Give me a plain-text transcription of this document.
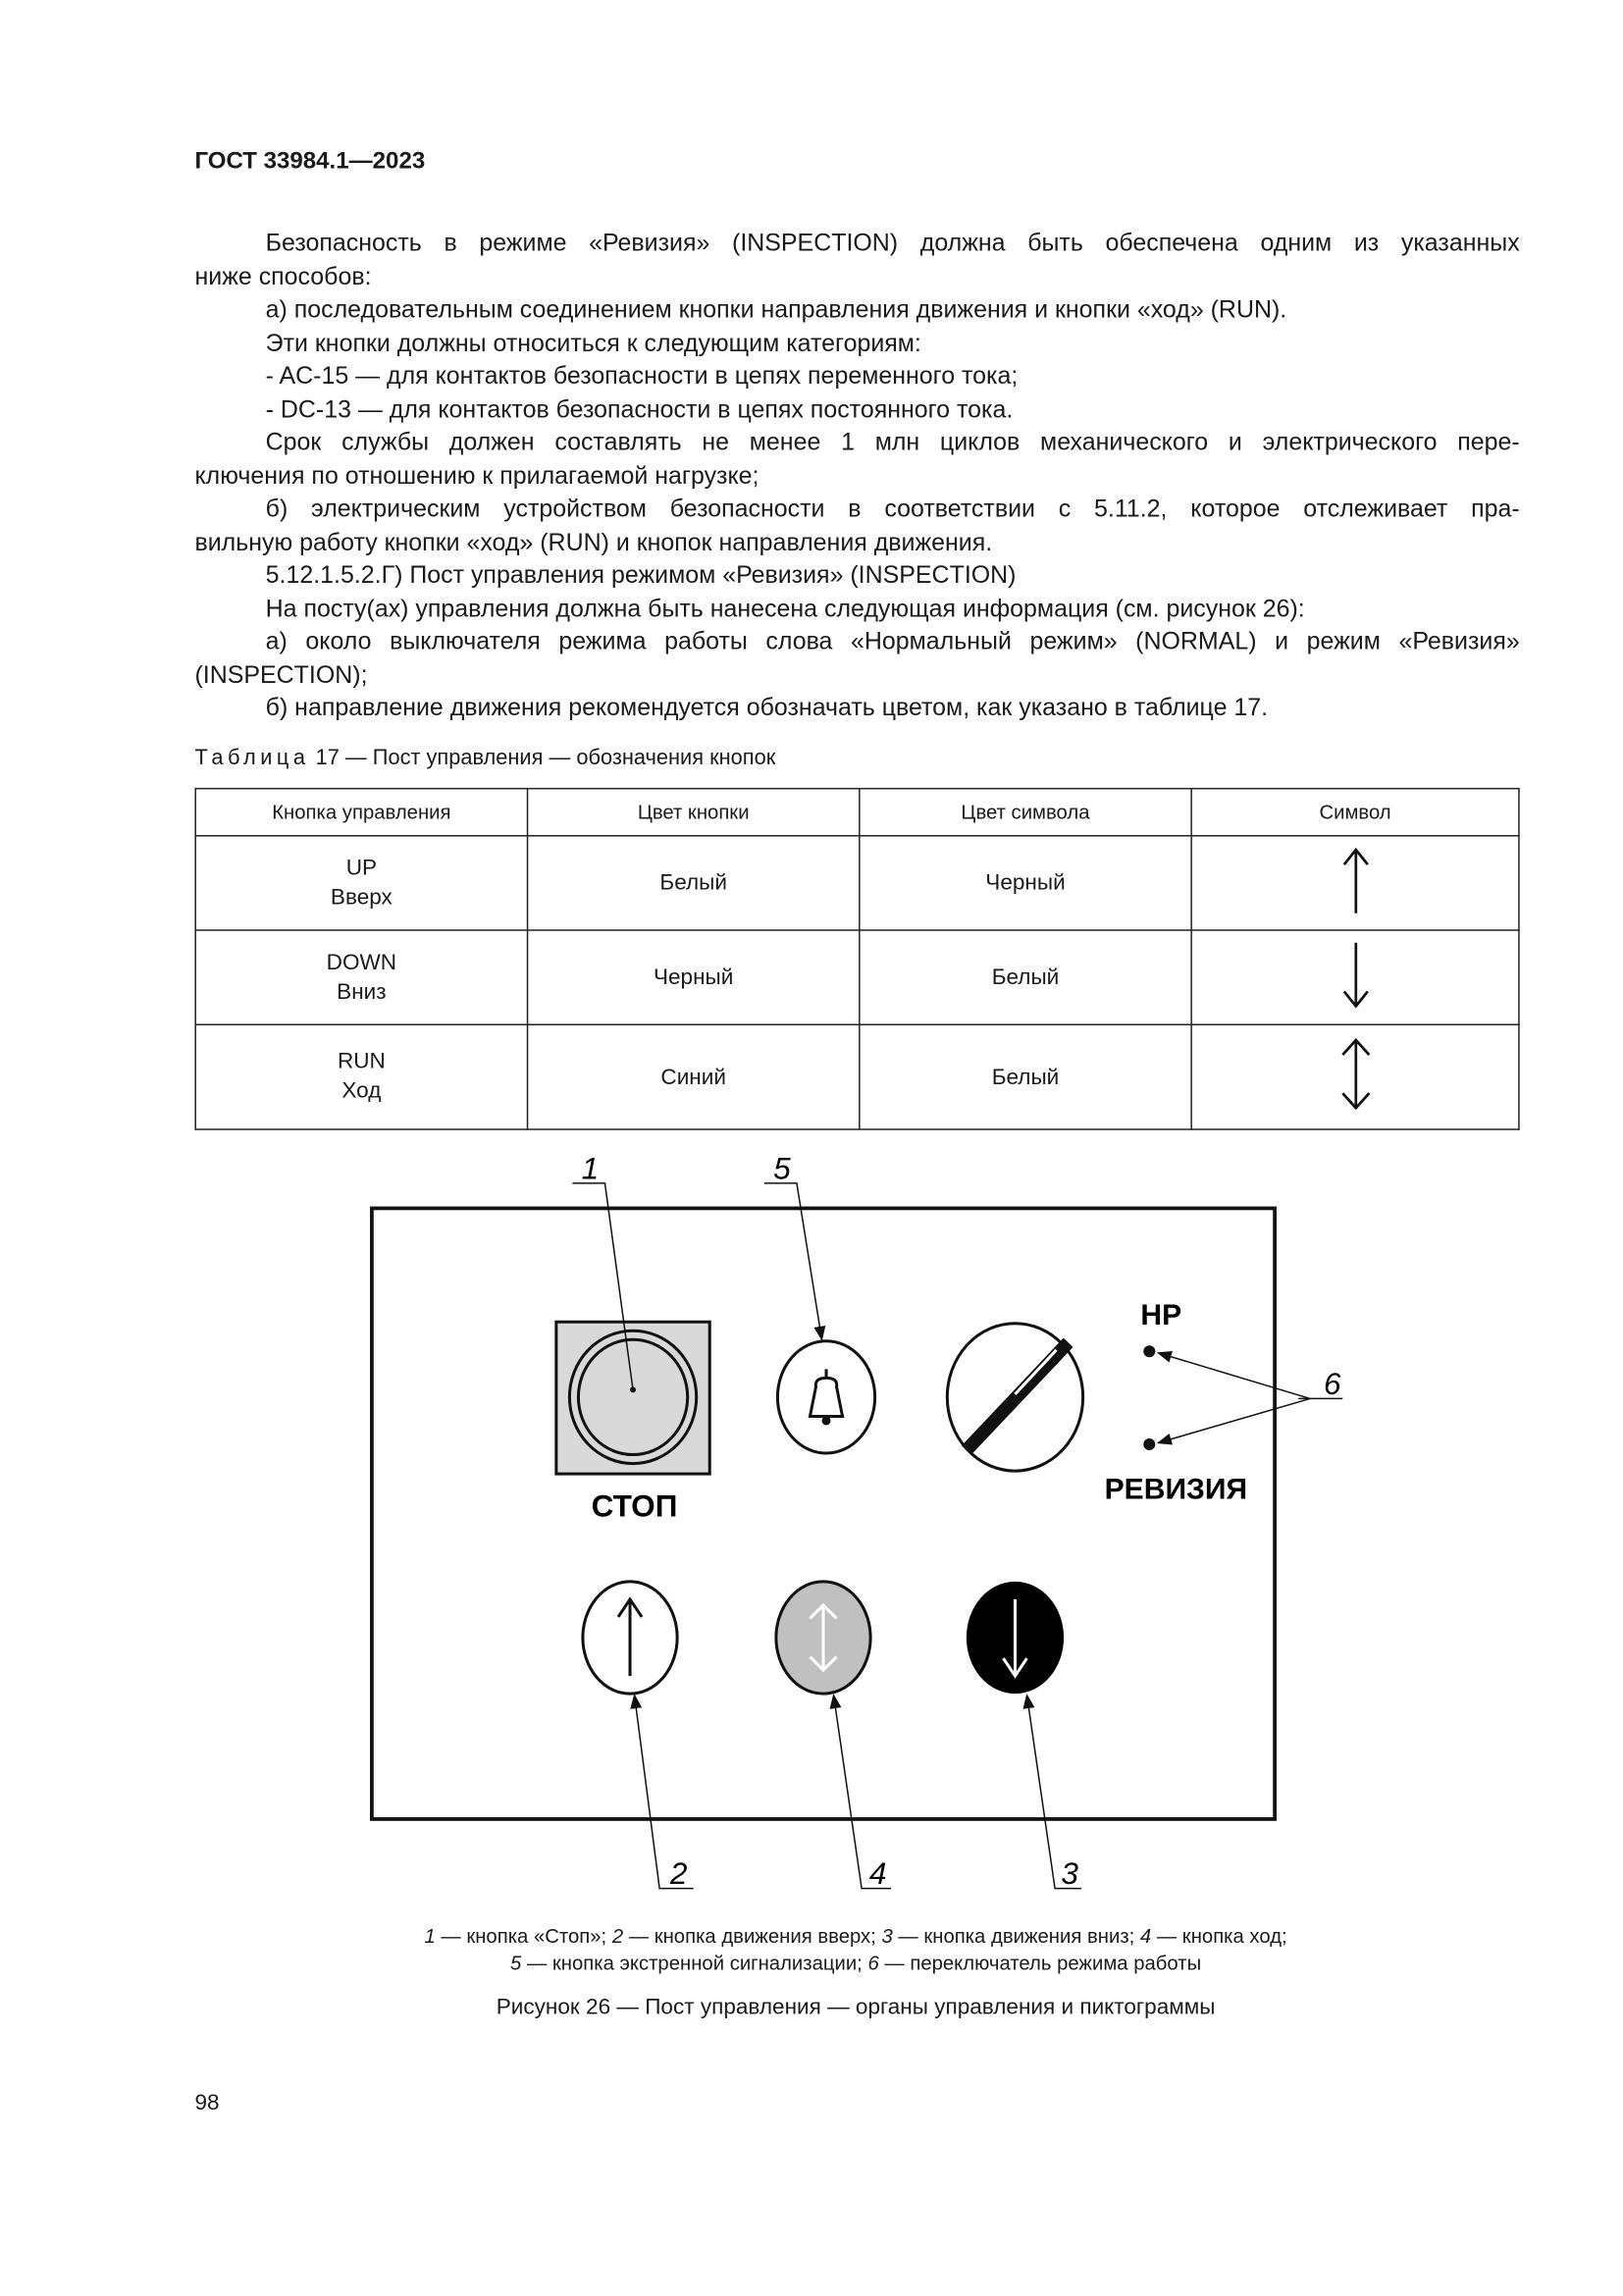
ГОСТ 33984.1—2023
Безопасность в режиме «Ревизия» (INSPECTION) должна быть обеспечена одним из указанных
ниже способов:
а) последовательным соединением кнопки направления движения и кнопки «ход» (RUN).
Эти кнопки должны относиться к следующим категориям:
- AC-15 — для контактов безопасности в цепях переменного тока;
- DC-13 — для контактов безопасности в цепях постоянного тока.
Срок службы должен составлять не менее 1 млн циклов механического и электрического пере-
ключения по отношению к прилагаемой нагрузке;
б) электрическим устройством безопасности в соответствии с 5.11.2, которое отслеживает пра-
вильную работу кнопки «ход» (RUN) и кнопок направления движения.
5.12.1.5.2.Г) Пост управления режимом «Ревизия» (INSPECTION)
На посту(ах) управления должна быть нанесена следующая информация (см. рисунок 26):
а) около выключателя режима работы слова «Нормальный режим» (NORMAL) и режим «Ревизия»
(INSPECTION);
б) направление движения рекомендуется обозначать цветом, как указано в таблице 17.
Таблица 17 — Пост управления — обозначения кнопок
Кнопка управления	Цвет кнопки	Цвет символа	Символ

UP
Вверх	Белый	Черный	

DOWN
Вниз	Черный	Белый	

RUN
Ход	Синий	Белый	
СТОП
НР
РЕВИЗИЯ
1	5
6
2	4	3
1 — кнопка «Стоп»; 2 — кнопка движения вверх; 3 — кнопка движения вниз; 4 — кнопка ход;
5 — кнопка экстренной сигнализации; 6 — переключатель режима работы
Рисунок 26 — Пост управления — органы управления и пиктограммы
98
